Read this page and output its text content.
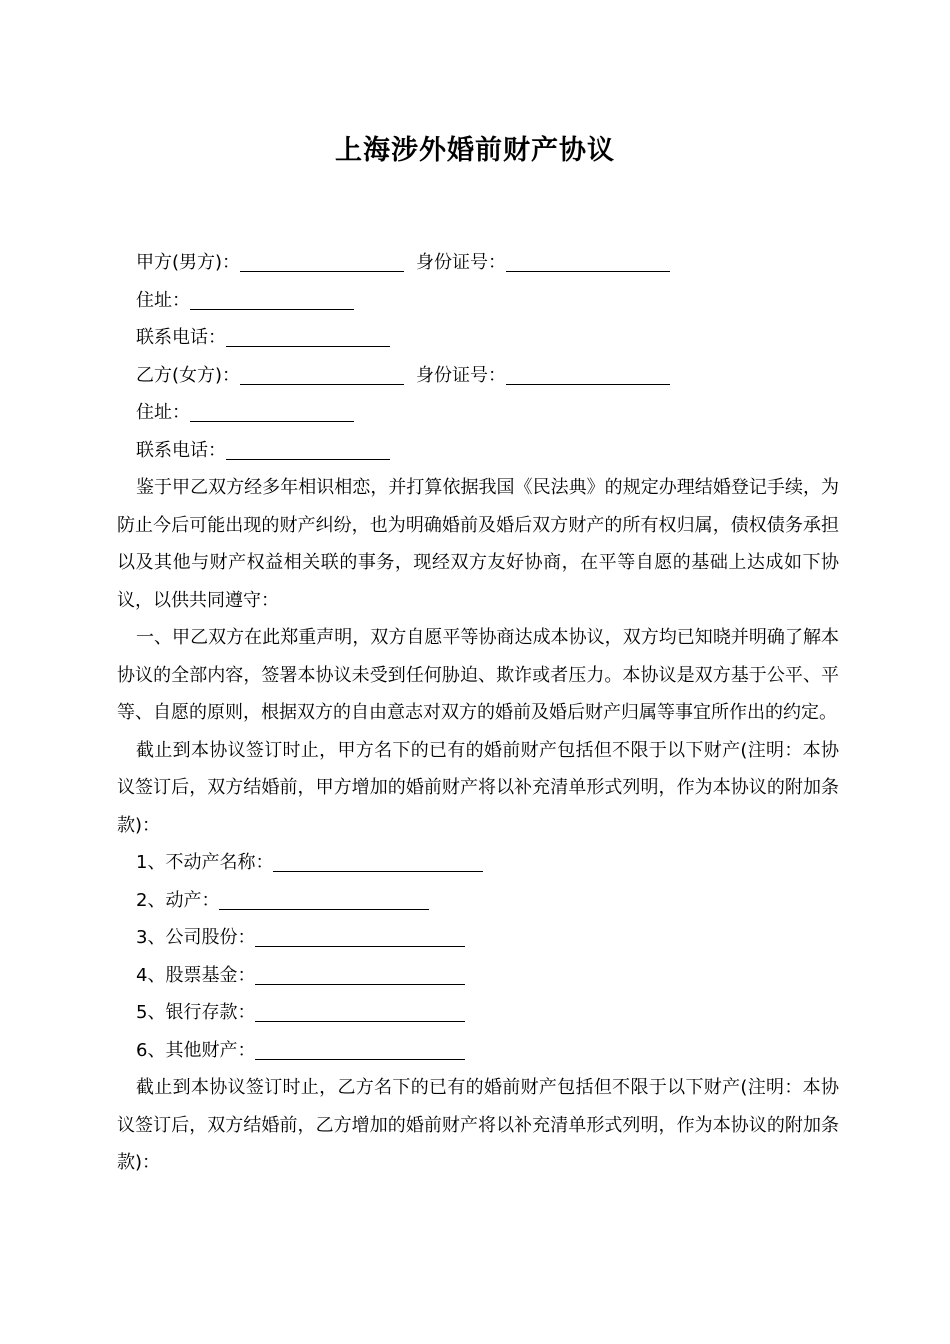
上海涉外婚前财产协议
甲方(男方)：	身份证号：
住址：
联系电话：
乙方(女方)：	身份证号：
住址：
联系电话：
鉴于甲乙双方经多年相识相恋，并打算依据我国《民法典》的规定办理结婚登记手续，为防止今后可能出现的财产纠纷，也为明确婚前及婚后双方财产的所有权归属，债权债务承担以及其他与财产权益相关联的事务，现经双方友好协商，在平等自愿的基础上达成如下协议，以供共同遵守：
一、甲乙双方在此郑重声明，双方自愿平等协商达成本协议，双方均已知晓并明确了解本协议的全部内容，签署本协议未受到任何胁迫、欺诈或者压力。本协议是双方基于公平、平等、自愿的原则，根据双方的自由意志对双方的婚前及婚后财产归属等事宜所作出的约定。
截止到本协议签订时止，甲方名下的已有的婚前财产包括但不限于以下财产(注明：本协议签订后，双方结婚前，甲方增加的婚前财产将以补充清单形式列明，作为本协议的附加条款)：
1、不动产名称：
2、动产：
3、公司股份：
4、股票基金：
5、银行存款：
6、其他财产：
截止到本协议签订时止，乙方名下的已有的婚前财产包括但不限于以下财产(注明：本协议签订后，双方结婚前，乙方增加的婚前财产将以补充清单形式列明，作为本协议的附加条款)：
